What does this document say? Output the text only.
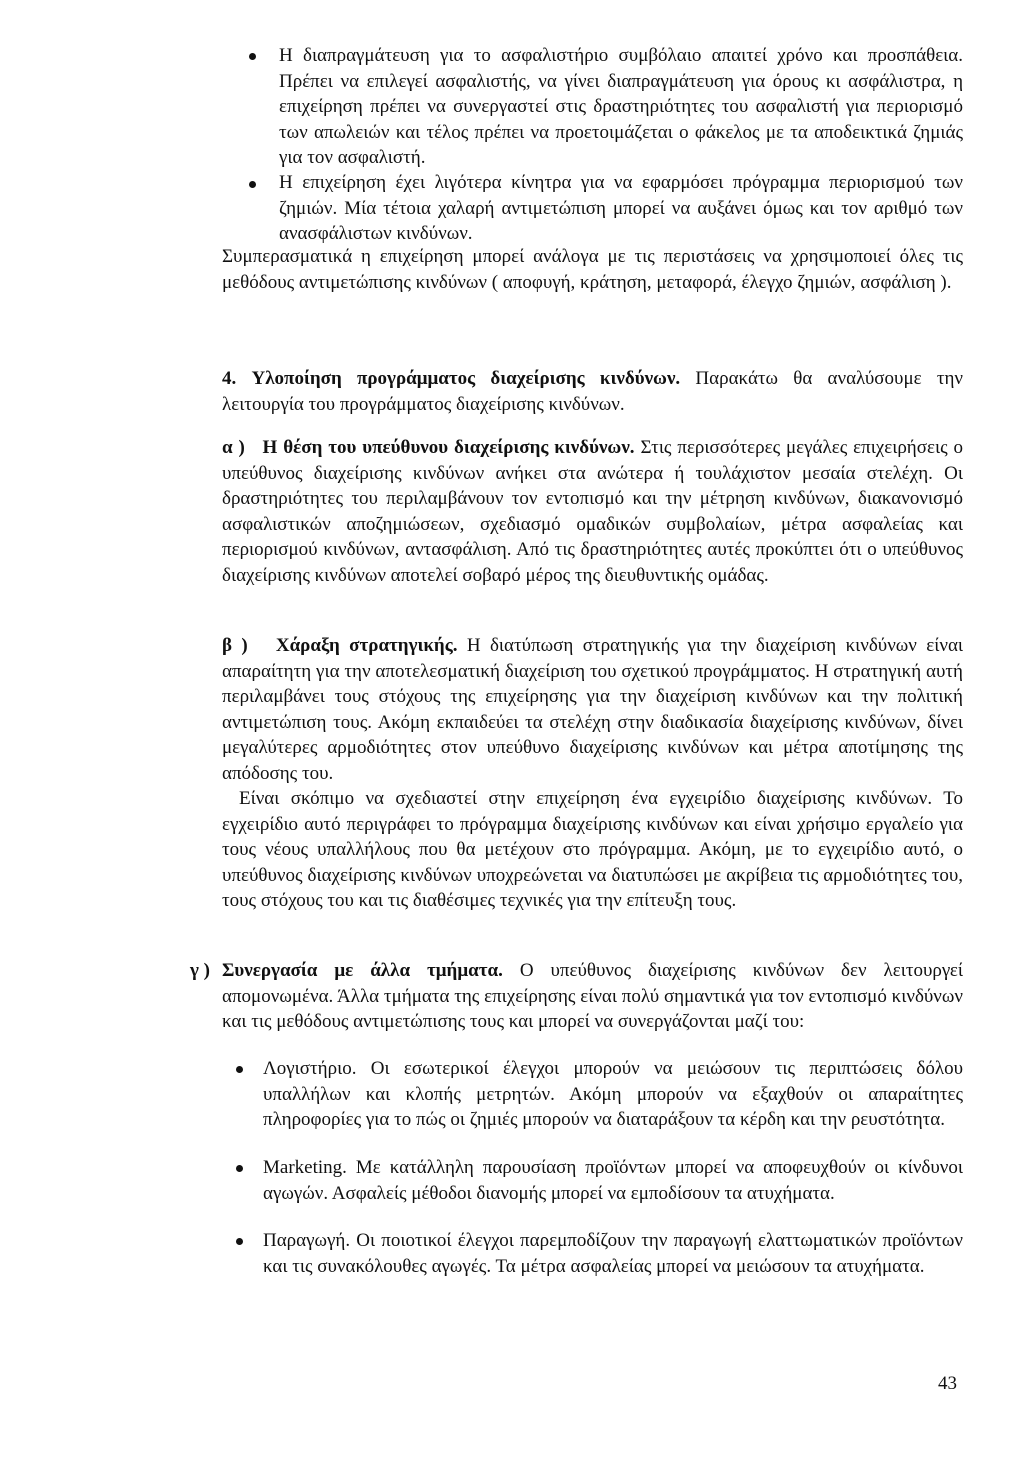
Η διαπραγμάτευση για το ασφαλιστήριο συμβόλαιο απαιτεί χρόνο και προσπάθεια. Πρέπει να επιλεγεί ασφαλιστής, να γίνει διαπραγμάτευση για όρους κι ασφάλιστρα, η επιχείρηση πρέπει να συνεργαστεί στις δραστηριότητες του ασφαλιστή για περιορισμό των απωλειών και τέλος πρέπει να προετοιμάζεται ο φάκελος με τα αποδεικτικά ζημιάς για τον ασφαλιστή.

Η επιχείρηση έχει λιγότερα κίνητρα για να εφαρμόσει πρόγραμμα περιορισμού των ζημιών. Μία τέτοια χαλαρή αντιμετώπιση μπορεί να αυξάνει όμως και τον αριθμό των ανασφάλιστων κινδύνων.

Συμπερασματικά η επιχείρηση μπορεί ανάλογα με τις περιστάσεις να χρησιμοποιεί όλες τις μεθόδους αντιμετώπισης κινδύνων ( αποφυγή, κράτηση, μεταφορά, έλεγχο ζημιών, ασφάλιση ).

4. Υλοποίηση προγράμματος διαχείρισης κινδύνων. Παρακάτω θα αναλύσουμε την λειτουργία του προγράμματος διαχείρισης κινδύνων.

α ) Η θέση του υπεύθυνου διαχείρισης κινδύνων. Στις περισσότερες μεγάλες επιχειρήσεις ο υπεύθυνος διαχείρισης κινδύνων ανήκει στα ανώτερα ή τουλάχιστον μεσαία στελέχη. Οι δραστηριότητες του περιλαμβάνουν τον εντοπισμό και την μέτρηση κινδύνων, διακανονισμό ασφαλιστικών αποζημιώσεων, σχεδιασμό ομαδικών συμβολαίων, μέτρα ασφαλείας και περιορισμού κινδύνων, αντασφάλιση. Από τις δραστηριότητες αυτές προκύπτει ότι ο υπεύθυνος διαχείρισης κινδύνων αποτελεί σοβαρό μέρος της διευθυντικής ομάδας.

β ) Χάραξη στρατηγικής. Η διατύπωση στρατηγικής για την διαχείριση κινδύνων είναι απαραίτητη για την αποτελεσματική διαχείριση του σχετικού προγράμματος. Η στρατηγική αυτή περιλαμβάνει τους στόχους της επιχείρησης για την διαχείριση κινδύνων και την πολιτική αντιμετώπιση τους. Ακόμη εκπαιδεύει τα στελέχη στην διαδικασία διαχείρισης κινδύνων, δίνει μεγαλύτερες αρμοδιότητες στον υπεύθυνο διαχείρισης κινδύνων και μέτρα αποτίμησης της απόδοσης του.

Είναι σκόπιμο να σχεδιαστεί στην επιχείρηση ένα εγχειρίδιο διαχείρισης κινδύνων. Το εγχειρίδιο αυτό περιγράφει το πρόγραμμα διαχείρισης κινδύνων και είναι χρήσιμο εργαλείο για τους νέους υπαλλήλους που θα μετέχουν στο πρόγραμμα. Ακόμη, με το εγχειρίδιο αυτό, ο υπεύθυνος διαχείρισης κινδύνων υποχρεώνεται να διατυπώσει με ακρίβεια τις αρμοδιότητες του, τους στόχους του και τις διαθέσιμες τεχνικές για την επίτευξη τους.

γ ) Συνεργασία με άλλα τμήματα. Ο υπεύθυνος διαχείρισης κινδύνων δεν λειτουργεί απομονωμένα. Άλλα τμήματα της επιχείρησης είναι πολύ σημαντικά για τον εντοπισμό κινδύνων και τις μεθόδους αντιμετώπισης τους και μπορεί να συνεργάζονται μαζί του:

Λογιστήριο. Οι εσωτερικοί έλεγχοι μπορούν να μειώσουν τις περιπτώσεις δόλου υπαλλήλων και κλοπής μετρητών. Ακόμη μπορούν να εξαχθούν οι απαραίτητες πληροφορίες για το πώς οι ζημιές μπορούν να διαταράξουν τα κέρδη και την ρευστότητα.

Marketing. Με κατάλληλη παρουσίαση προϊόντων μπορεί να αποφευχθούν οι κίνδυνοι αγωγών. Ασφαλείς μέθοδοι διανομής μπορεί να εμποδίσουν τα ατυχήματα.

Παραγωγή. Οι ποιοτικοί έλεγχοι παρεμποδίζουν την παραγωγή ελαττωματικών προϊόντων και τις συνακόλουθες αγωγές. Τα μέτρα ασφαλείας μπορεί να μειώσουν τα ατυχήματα.

43
